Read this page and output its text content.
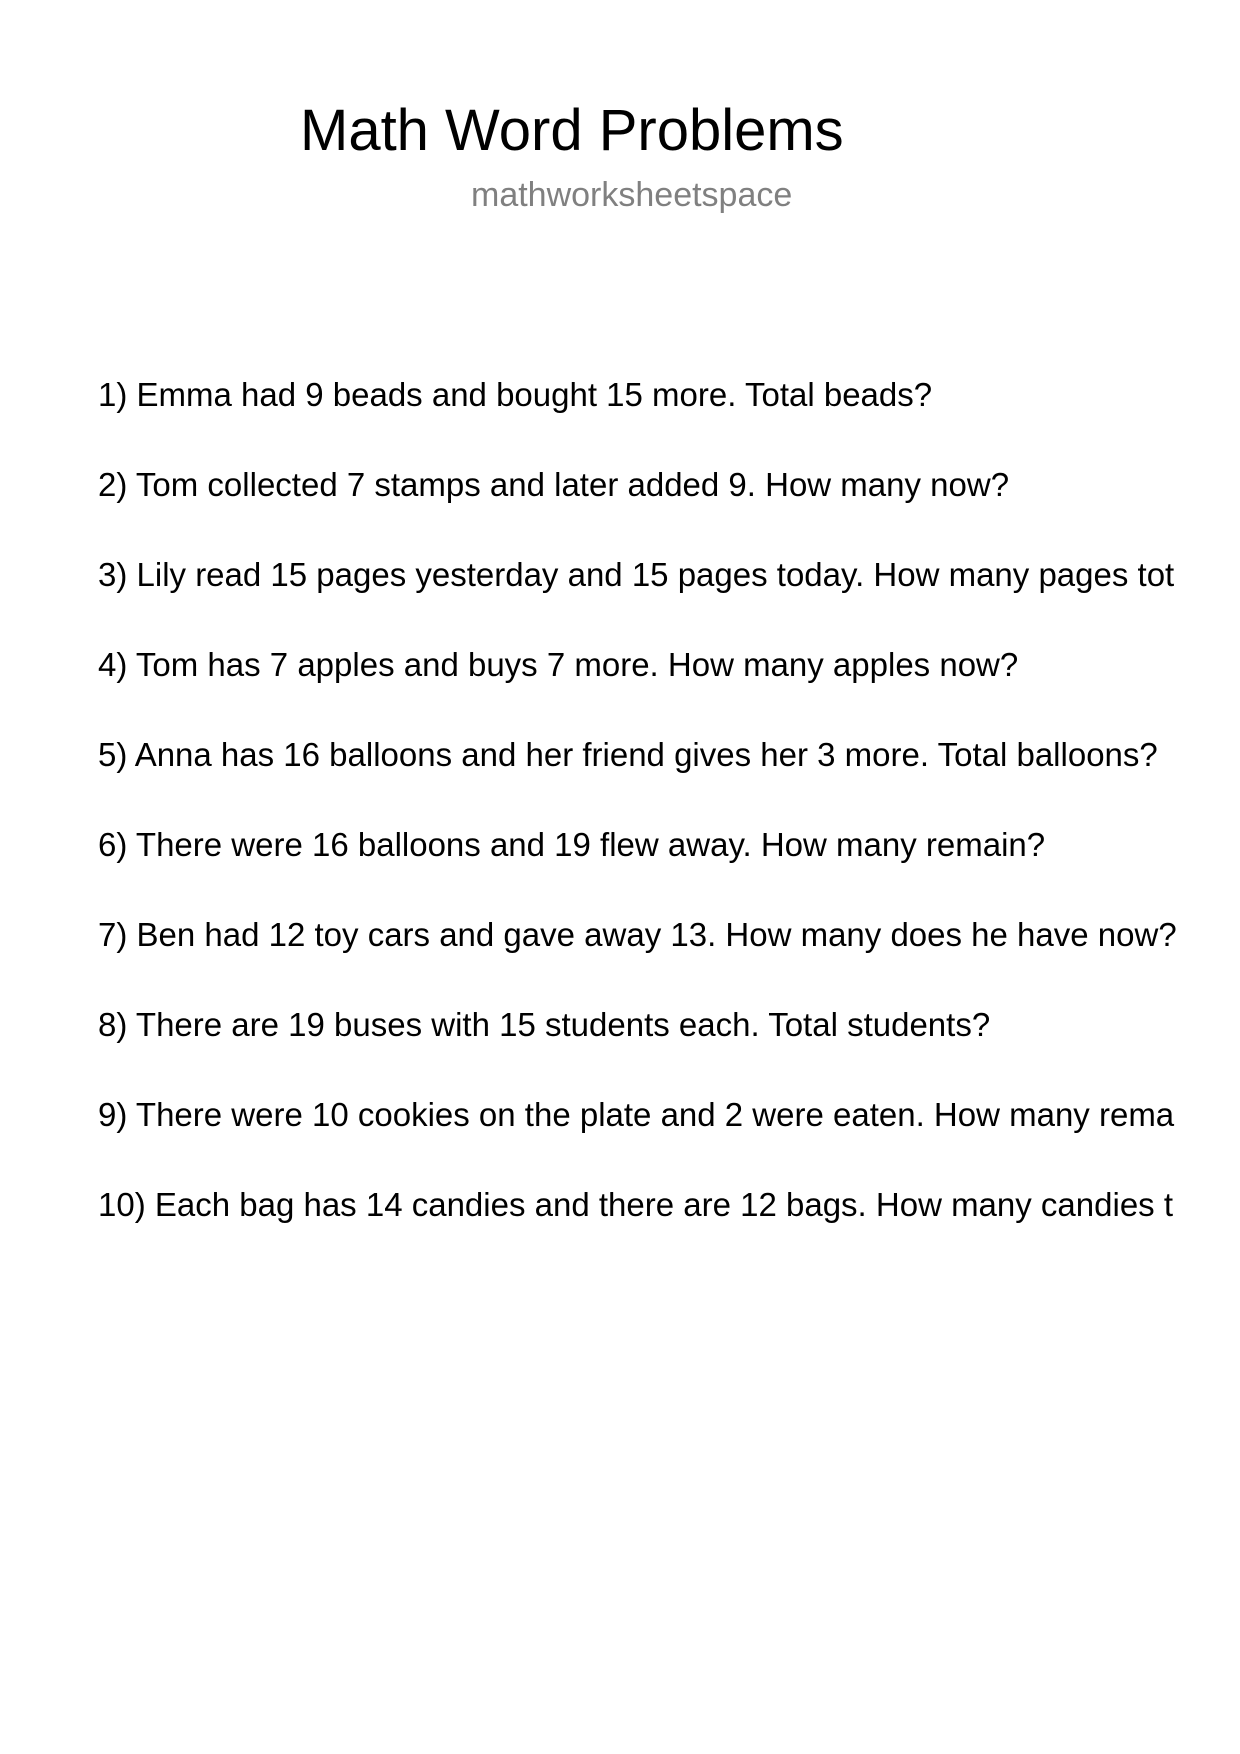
Math Word Problems
mathworksheetspace
1) Emma had 9 beads and bought 15 more. Total beads?
2) Tom collected 7 stamps and later added 9. How many now?
3) Lily read 15 pages yesterday and 15 pages today. How many pages tot
4) Tom has 7 apples and buys 7 more. How many apples now?
5) Anna has 16 balloons and her friend gives her 3 more. Total balloons?
6) There were 16 balloons and 19 flew away. How many remain?
7) Ben had 12 toy cars and gave away 13. How many does he have now?
8) There are 19 buses with 15 students each. Total students?
9) There were 10 cookies on the plate and 2 were eaten. How many rema
10) Each bag has 14 candies and there are 12 bags. How many candies t
